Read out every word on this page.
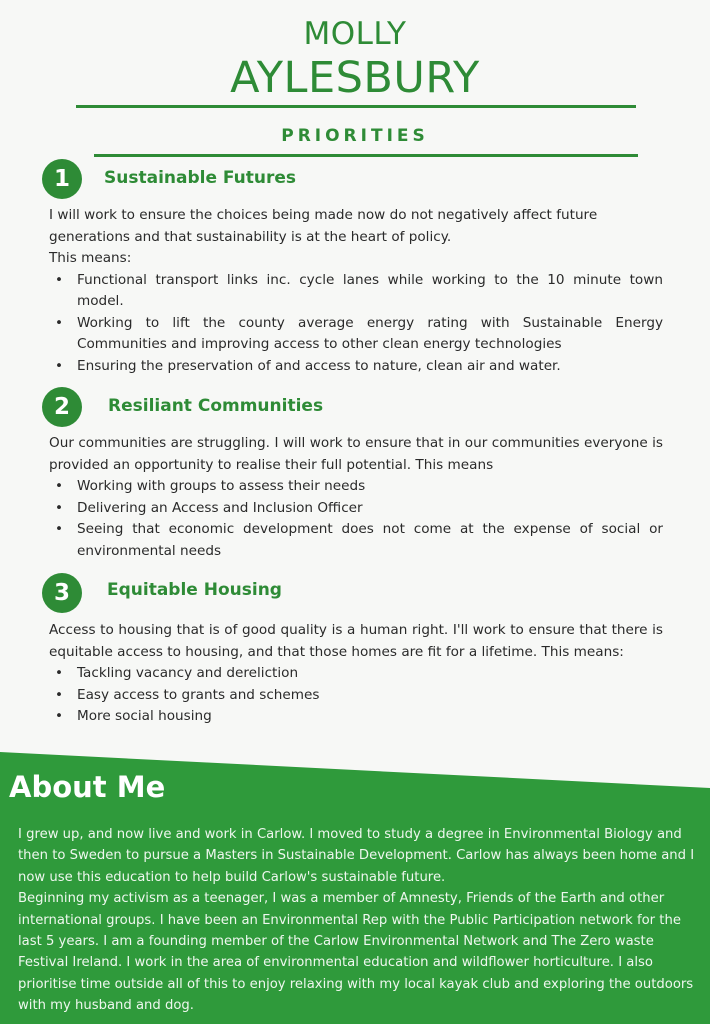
MOLLY
AYLESBURY
PRIORITIES
1	Sustainable Futures

I will work to ensure the choices being made now do not negatively affect future generations and that sustainability is at the heart of policy.

This means:

• Functional transport links inc. cycle lanes while working to the 10 minute town model.
• Working to lift the county average energy rating with Sustainable Energy Communities and improving access to other clean energy technologies
• Ensuring the preservation of and access to nature, clean air and water.
2	Resiliant Communities

Our communities are struggling. I will work to ensure that in our communities everyone is provided an opportunity to realise their full potential. This means

• Working with groups to assess their needs
• Delivering an Access and Inclusion Officer
• Seeing that economic development does not come at the expense of social or environmental needs
3	Equitable Housing

Access to housing that is of good quality is a human right. I'll work to ensure that there is equitable access to housing, and that those homes are fit for a lifetime. This means:

• Tackling vacancy and dereliction
• Easy access to grants and schemes
• More social housing
About Me

I grew up, and now live and work in Carlow. I moved to study a degree in Environmental Biology and then to Sweden to pursue a Masters in Sustainable Development. Carlow has always been home and I now use this education to help build Carlow's sustainable future.

Beginning my activism as a teenager, I was a member of Amnesty, Friends of the Earth and other international groups. I have been an Environmental Rep with the Public Participation network for the last 5 years. I am a founding member of the Carlow Environmental Network and The Zero waste Festival Ireland. I work in the area of environmental education and wildflower horticulture. I also prioritise time outside all of this to enjoy relaxing with my local kayak club and exploring the outdoors with my husband and dog.
